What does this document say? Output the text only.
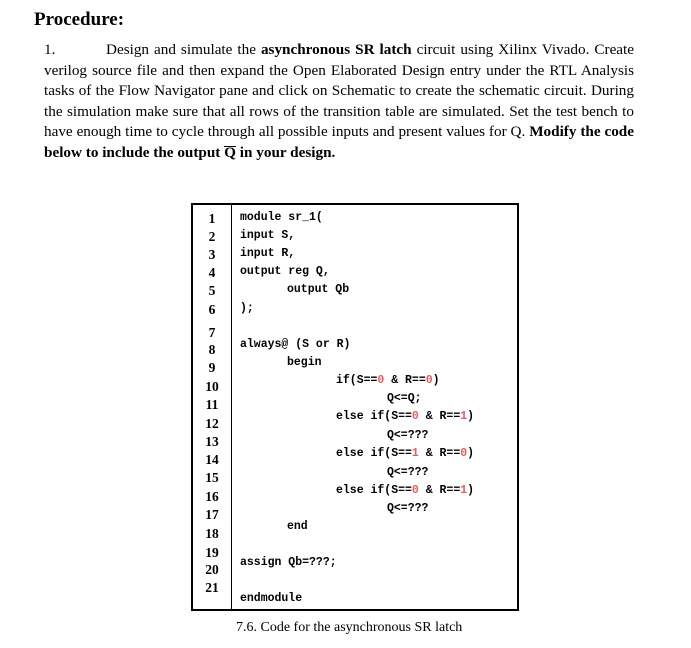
Procedure:
1.	Design and simulate the asynchronous SR latch circuit using Xilinx Vivado. Create verilog source file and then expand the Open Elaborated Design entry under the RTL Analysis tasks of the Flow Navigator pane and click on Schematic to create the schematic circuit. During the simulation make sure that all rows of the transition table are simulated. Set the test bench to have enough time to cycle through all possible inputs and present values for Q. Modify the code below to include the output Q in your design.
1
2
3
4
5
6
7
8
9
10
11
12
13
14
15
16
17
18
19
20
21
module sr_1(
input S,
input R,
output reg Q,
output Qb
);
always@ (S or R)
begin
if(S==0 & R==0)
Q<=Q;
else if(S==0 & R==1)
Q<=???
else if(S==1 & R==0)
Q<=???
else if(S==0 & R==1)
Q<=???
end
assign Qb=???;
endmodule
7.6. Code for the asynchronous SR latch
